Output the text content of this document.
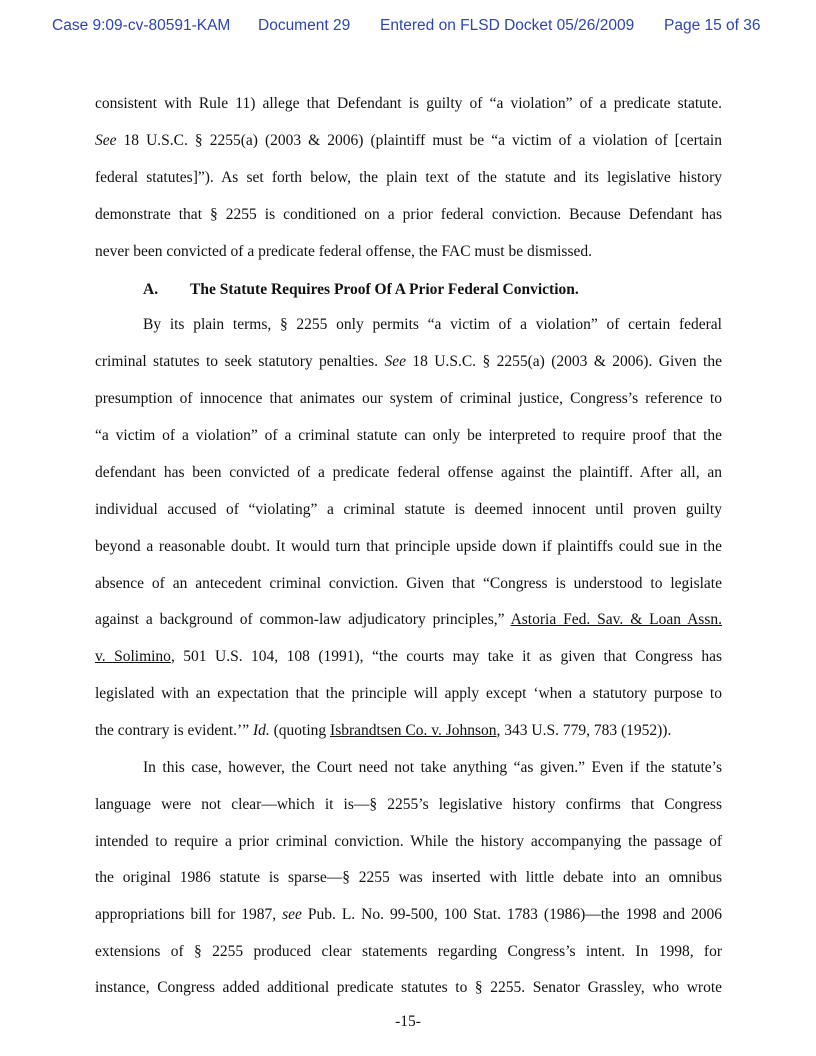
Case 9:09-cv-80591-KAM Document 29 Entered on FLSD Docket 05/26/2009 Page 15 of 36
consistent with Rule 11) allege that Defendant is guilty of “a violation” of a predicate statute.
See 18 U.S.C. § 2255(a) (2003 & 2006) (plaintiff must be “a victim of a violation of [certain
federal statutes]”). As set forth below, the plain text of the statute and its legislative history
demonstrate that § 2255 is conditioned on a prior federal conviction. Because Defendant has
never been convicted of a predicate federal offense, the FAC must be dismissed.
A. The Statute Requires Proof Of A Prior Federal Conviction.
By its plain terms, § 2255 only permits “a victim of a violation” of certain federal
criminal statutes to seek statutory penalties. See 18 U.S.C. § 2255(a) (2003 & 2006). Given the
presumption of innocence that animates our system of criminal justice, Congress’s reference to
“a victim of a violation” of a criminal statute can only be interpreted to require proof that the
defendant has been convicted of a predicate federal offense against the plaintiff. After all, an
individual accused of “violating” a criminal statute is deemed innocent until proven guilty
beyond a reasonable doubt. It would turn that principle upside down if plaintiffs could sue in the
absence of an antecedent criminal conviction. Given that “Congress is understood to legislate
against a background of common-law adjudicatory principles,” Astoria Fed. Sav. & Loan Assn.
v. Solimino, 501 U.S. 104, 108 (1991), “the courts may take it as given that Congress has
legislated with an expectation that the principle will apply except ‘when a statutory purpose to
the contrary is evident.’” Id. (quoting Isbrandtsen Co. v. Johnson, 343 U.S. 779, 783 (1952)).
In this case, however, the Court need not take anything “as given.” Even if the statute’s
language were not clear—which it is—§ 2255’s legislative history confirms that Congress
intended to require a prior criminal conviction. While the history accompanying the passage of
the original 1986 statute is sparse—§ 2255 was inserted with little debate into an omnibus
appropriations bill for 1987, see Pub. L. No. 99-500, 100 Stat. 1783 (1986)—the 1998 and 2006
extensions of § 2255 produced clear statements regarding Congress’s intent. In 1998, for
instance, Congress added additional predicate statutes to § 2255. Senator Grassley, who wrote
-15-
